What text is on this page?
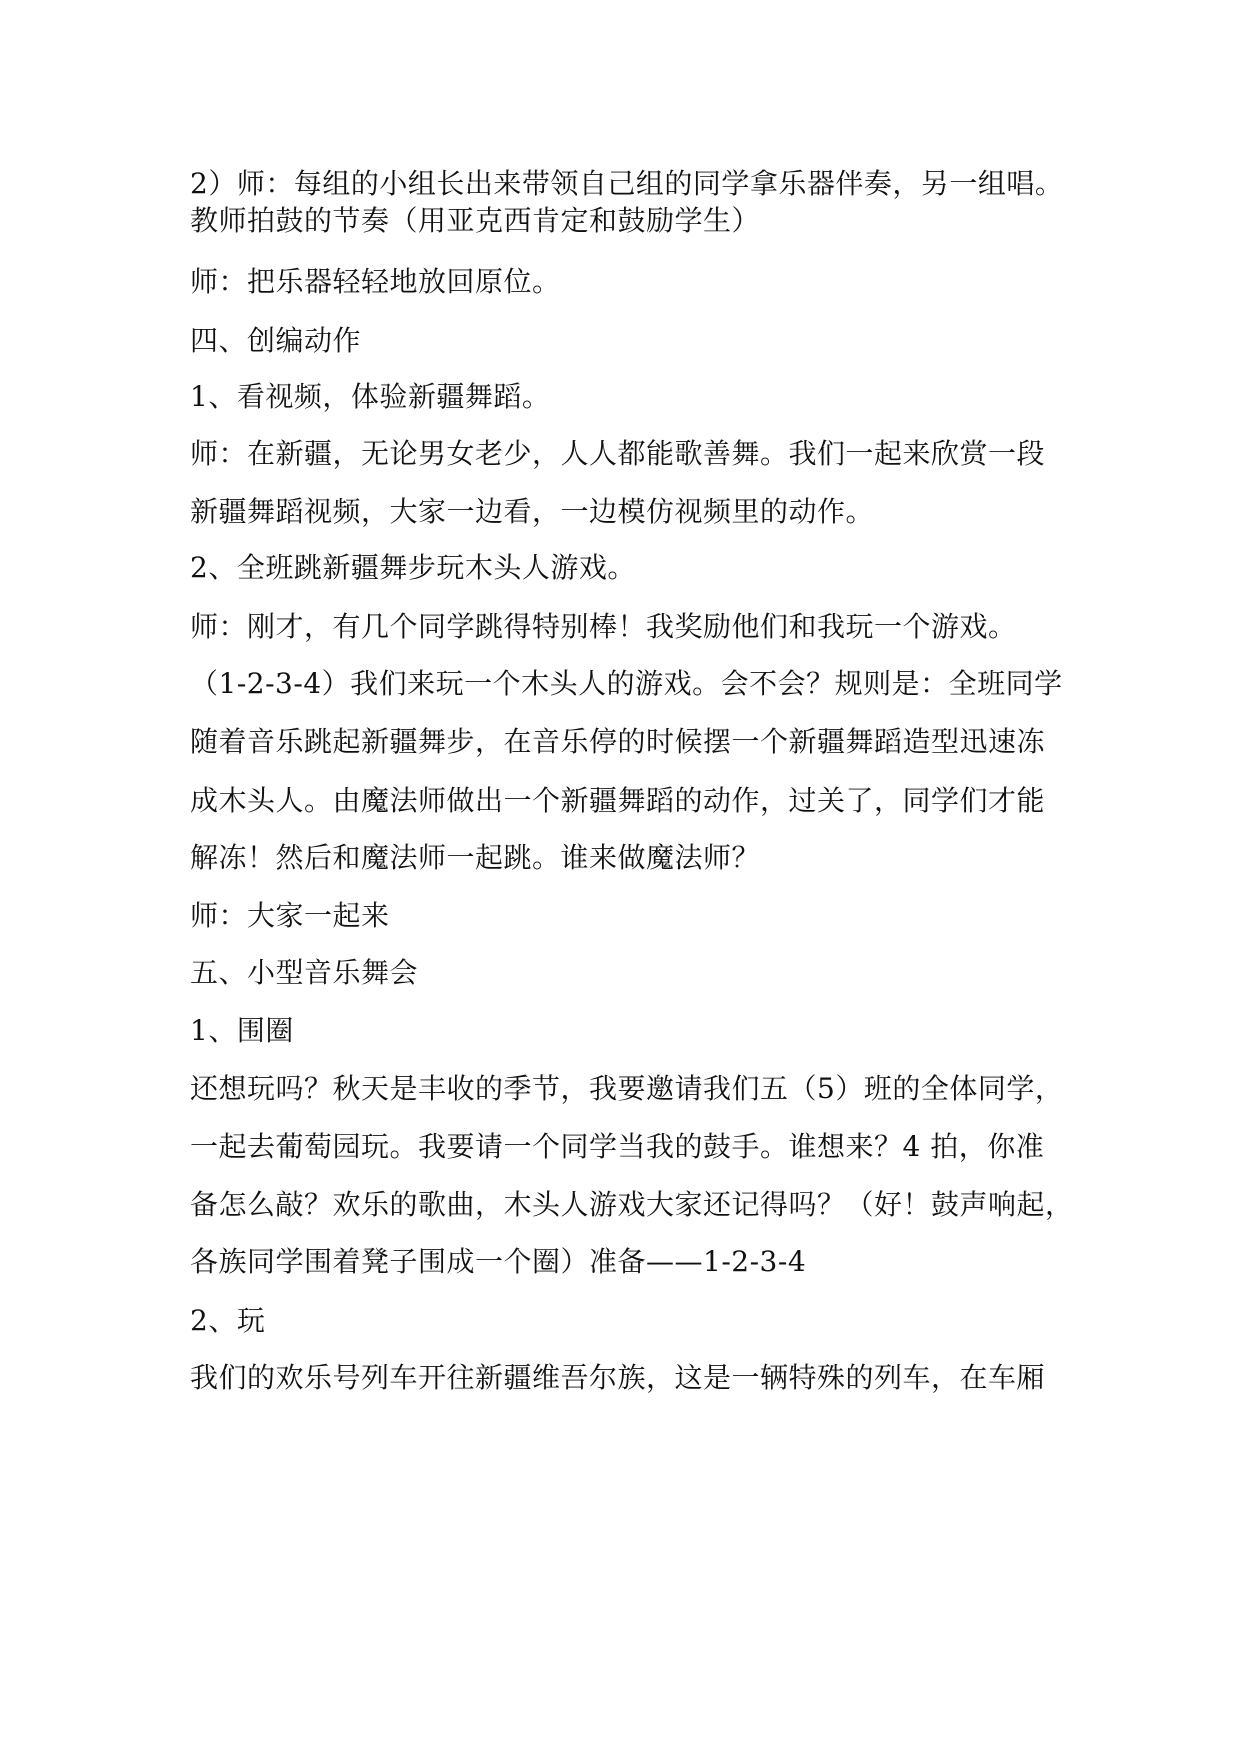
2）师：每组的小组长出来带领自己组的同学拿乐器伴奏，另一组唱。
教师拍鼓的节奏（用亚克西肯定和鼓励学生）
师：把乐器轻轻地放回原位。
四、创编动作
1、看视频，体验新疆舞蹈。
师：在新疆，无论男女老少，人人都能歌善舞。我们一起来欣赏一段
新疆舞蹈视频，大家一边看，一边模仿视频里的动作。
2、全班跳新疆舞步玩木头人游戏。
师：刚才，有几个同学跳得特别棒！我奖励他们和我玩一个游戏。
（1-2-3-4）我们来玩一个木头人的游戏。会不会？规则是：全班同学
随着音乐跳起新疆舞步，在音乐停的时候摆一个新疆舞蹈造型迅速冻
成木头人。由魔法师做出一个新疆舞蹈的动作，过关了，同学们才能
解冻！然后和魔法师一起跳。谁来做魔法师？
师：大家一起来
五、小型音乐舞会
1、围圈
还想玩吗？秋天是丰收的季节，我要邀请我们五（5）班的全体同学，
一起去葡萄园玩。我要请一个同学当我的鼓手。谁想来？4 拍，你准
备怎么敲？欢乐的歌曲，木头人游戏大家还记得吗？（好！鼓声响起，
各族同学围着凳子围成一个圈）准备——1-2-3-4
2、玩
我们的欢乐号列车开往新疆维吾尔族，这是一辆特殊的列车，在车厢
